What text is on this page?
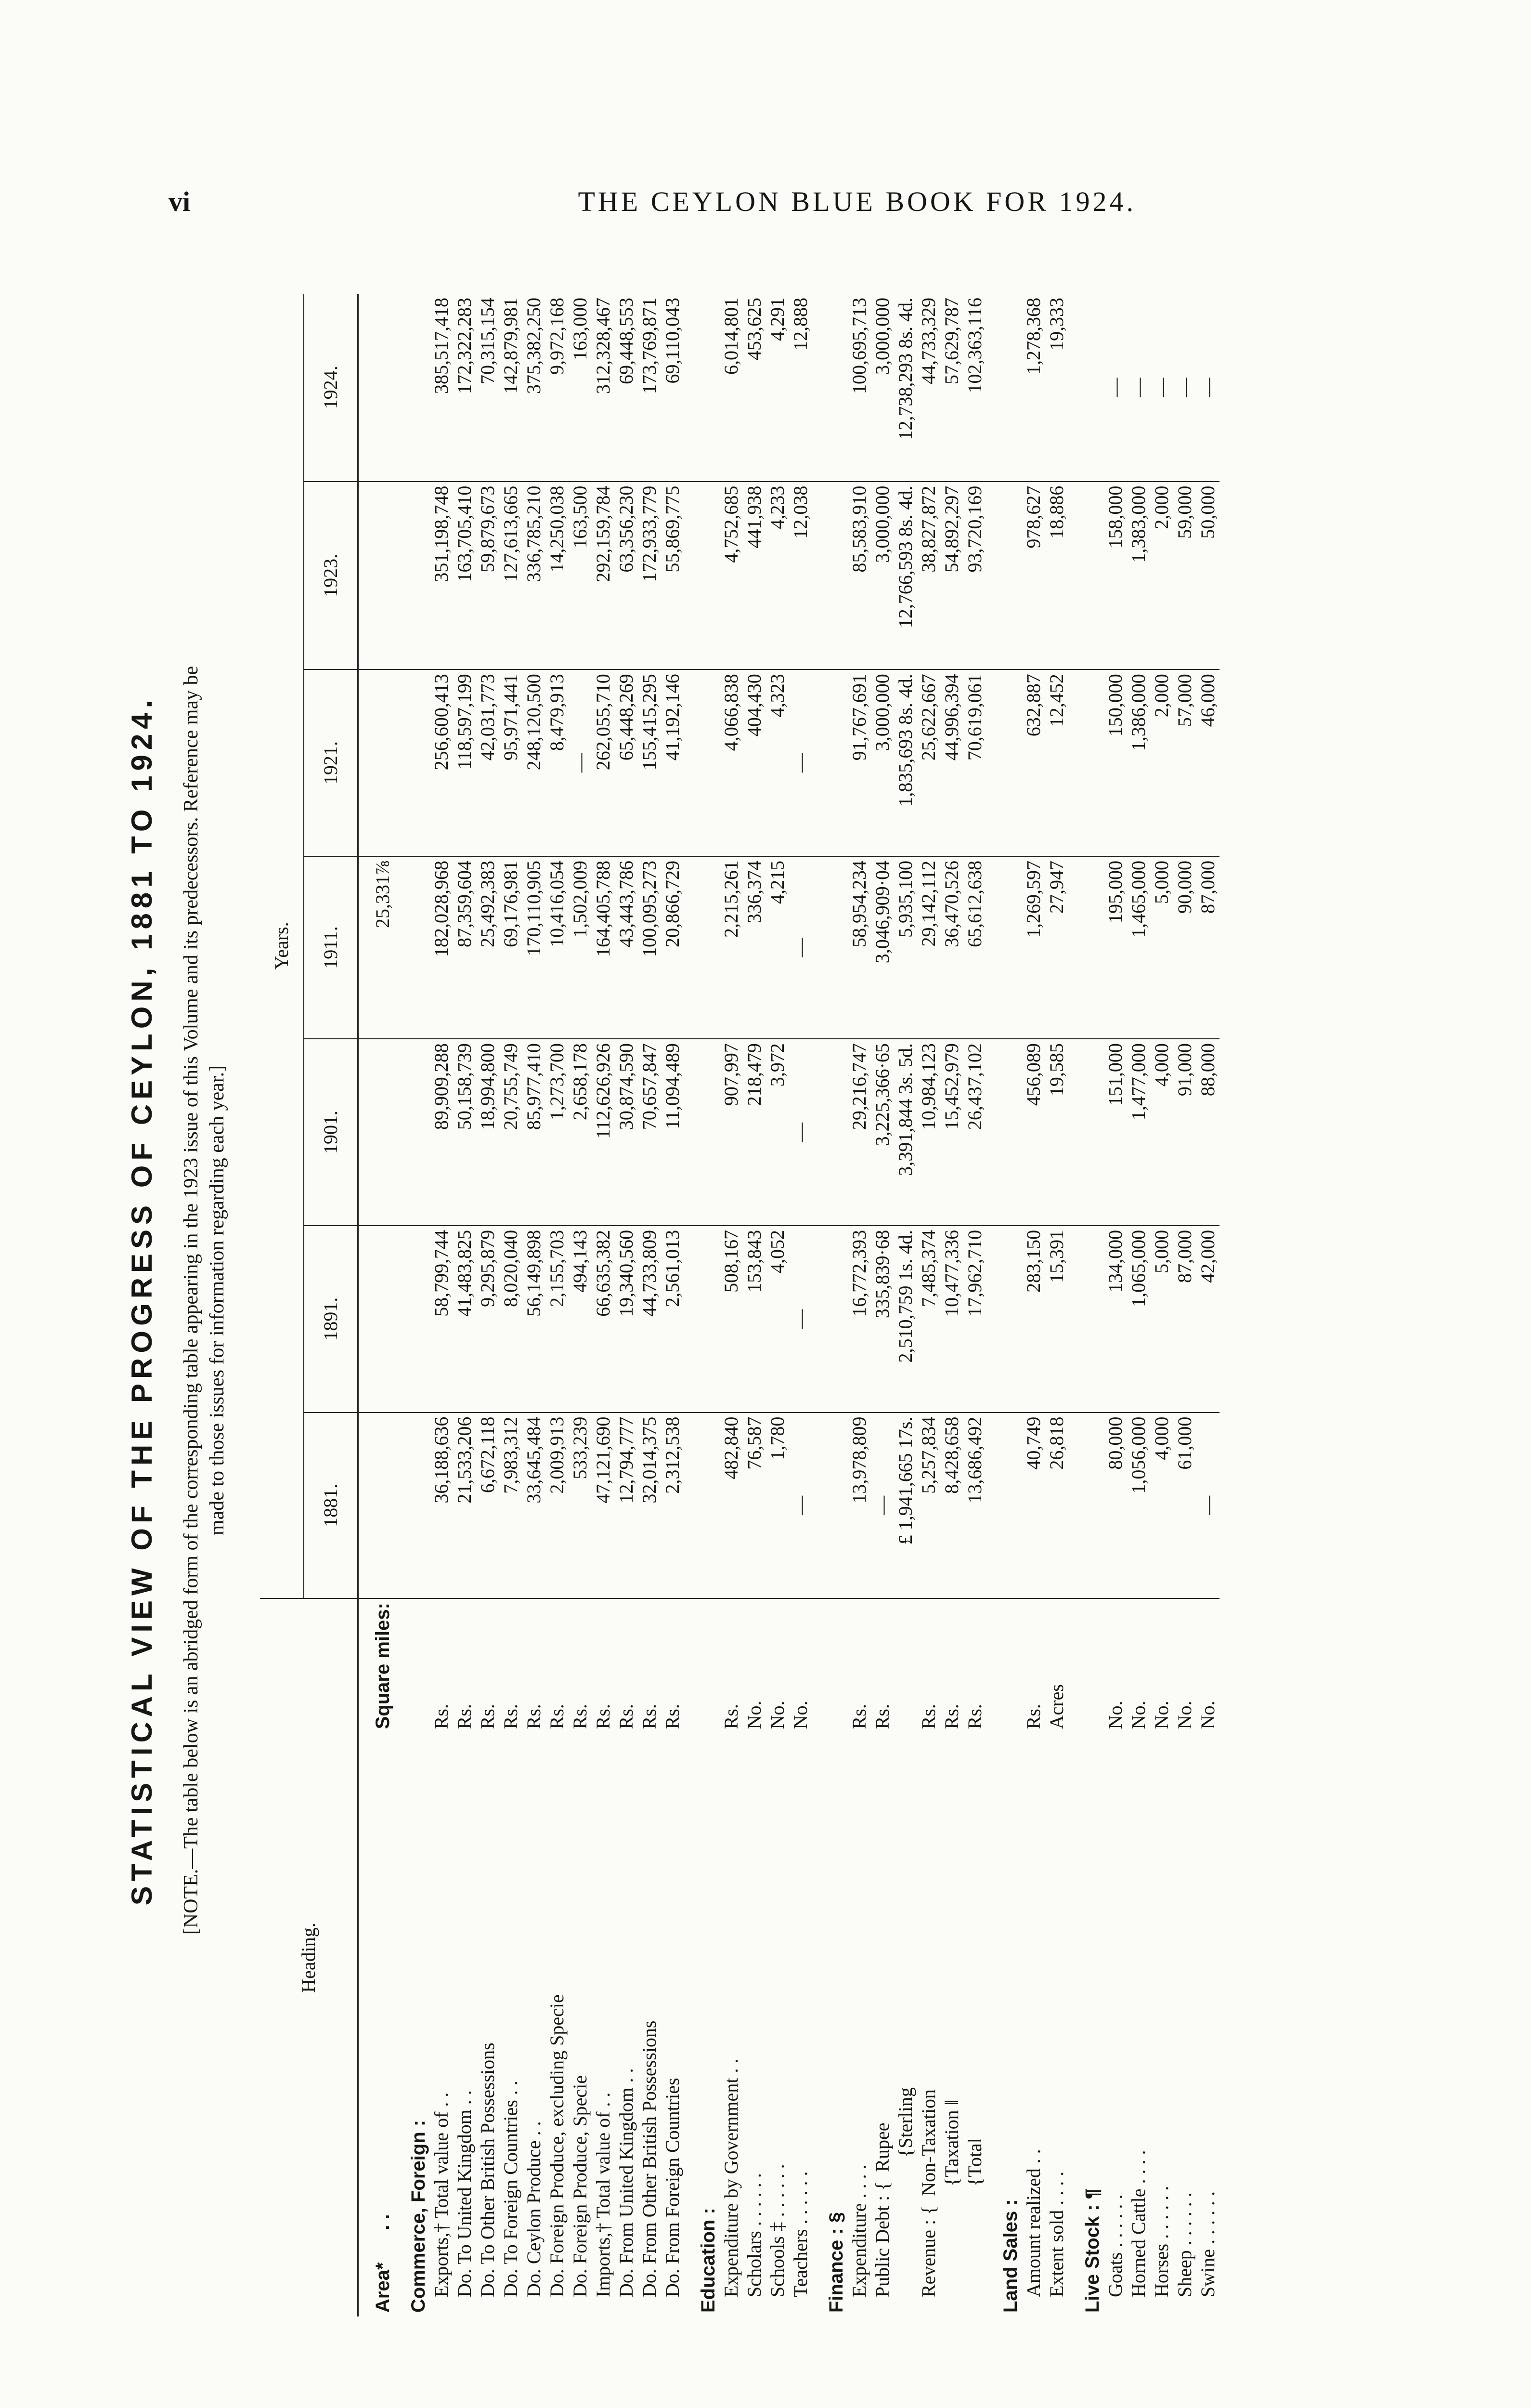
vi	THE CEYLON BLUE BOOK FOR 1924.
STATISTICAL VIEW OF THE PROGRESS OF CEYLON, 1881 TO 1924. [NOTE.—The table below is an abridged form of the corresponding table appearing in the 1923 issue of this Volume and its predecessors. Reference may be made to those issues for information regarding each year.]
Heading.		Years.						
		1881.	1891.	1901.	1911.	1921.	1923.	1924.
Area*      . .	Square miles:				25,331⅞			
Commerce, Foreign :								
Exports,† Total value of . .	Rs.	36,188,636	58,799,744	89,909,288	182,028,968	256,600,413	351,198,748	385,517,418
Do. To United Kingdom . .	Rs.	21,533,206	41,483,825	50,158,739	87,359,604	118,597,199	163,705,410	172,322,283
Do. To Other British Possessions	Rs.	6,672,118	9,295,879	18,994,800	25,492,383	42,031,773	59,879,673	70,315,154
Do. To Foreign Countries . .	Rs.	7,983,312	8,020,040	20,755,749	69,176,981	95,971,441	127,613,665	142,879,981
Do. Ceylon Produce . .	Rs.	33,645,484	56,149,898	85,977,410	170,110,905	248,120,500	336,785,210	375,382,250
Do. Foreign Produce, excluding Specie	Rs.	2,009,913	2,155,703	1,273,700	10,416,054	8,479,913	14,250,038	9,972,168
Do. Foreign Produce, Specie	Rs.	533,239	494,143	2,658,178	1,502,009	—	163,500	163,000
Imports,† Total value of . .	Rs.	47,121,690	66,635,382	112,626,926	164,405,788	262,055,710	292,159,784	312,328,467
Do. From United Kingdom . .	Rs.	12,794,777	19,340,560	30,874,590	43,443,786	65,448,269	63,356,230	69,448,553
Do. From Other British Possessions	Rs.	32,014,375	44,733,809	70,657,847	100,095,273	155,415,295	172,933,779	173,769,871
Do. From Foreign Countries	Rs.	2,312,538	2,561,013	11,094,489	20,866,729	41,192,146	55,869,775	69,110,043
Education :								
Expenditure by Government . .	Rs.	482,840	508,167	907,997	2,215,261	4,066,838	4,752,685	6,014,801
Scholars . . . . . .	No.	76,587	153,843	218,479	336,374	404,430	441,938	453,625
Schools ‡ . . . . . .	No.	1,780	4,052	3,972	4,215	4,323	4,233	4,291
Teachers . . . . . .	No.	—	—	—	—	—	12,038	12,888
Finance : §								
Expenditure . . . .	Rs.	13,978,809	16,772,393	29,216,747	58,954,234	91,767,691	85,583,910	100,695,713
Public Debt : {Rupee	Rs.	—	335,839·68	3,225,366·65	3,046,909·04	3,000,000	3,000,000	3,000,000
{Sterling		£ 1,941,665 17s.	2,510,759 1s. 4d.	3,391,844 3s. 5d.	5,935,100	1,835,693 8s. 4d.	12,766,593 8s. 4d.	12,738,293 8s. 4d.
Revenue : {Non-Taxation	Rs.	5,257,834	7,485,374	10,984,123	29,142,112	25,622,667	38,827,872	44,733,329
{Taxation ‖	Rs.	8,428,658	10,477,336	15,452,979	36,470,526	44,996,394	54,892,297	57,629,787
{Total	Rs.	13,686,492	17,962,710	26,437,102	65,612,638	70,619,061	93,720,169	102,363,116
Land Sales :								
Amount realized . .	Rs.	40,749	283,150	456,089	1,269,597	632,887	978,627	1,278,368
Extent sold . . . .	Acres	26,818	15,391	19,585	27,947	12,452	18,886	19,333
Live Stock : ¶								
Goats . . . . . .	No.	80,000	134,000	151,000	195,000	150,000	158,000	—
Horned Cattle . . . .	No.	1,056,000	1,065,000	1,477,000	1,465,000	1,386,000	1,383,000	—
Horses . . . . . .	No.	4,000	5,000	4,000	5,000	2,000	2,000	—
Sheep . . . . . .	No.	61,000	87,000	91,000	90,000	57,000	59,000	—
Swine . . . . . .	No.	—	42,000	88,000	87,000	46,000	50,000	—
